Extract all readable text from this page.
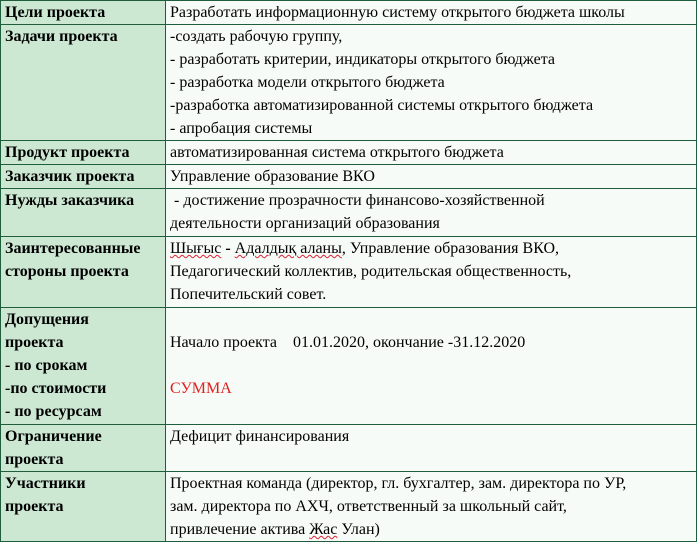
Цели проекта	Разработать информационную систему открытого бюджета школы
Задачи проекта	-создать рабочую группу,
- разработать критерии, индикаторы открытого бюджета
- разработка модели открытого бюджета
-разработка автоматизированной системы открытого бюджета
- апробация системы

Продукт проекта	автоматизированная система открытого бюджета
Заказчик проекта	Управление образование ВКО
Нужды заказчика	- достижение прозрачности финансово-хозяйственной
деятельности организаций образования

Заинтересованные
стороны проекта	Шығыс - Адалдық аланы, Управление образования ВКО,
Педагогический коллектив, родительская общественность,
Попечительский совет.

Допущения
проекта
- по срокам
-по стоимости
- по ресурсам	Начало проекта    01.01.2020, окончание -31.12.2020
СУММА

Ограничение
проекта	Дефицит финансирования

Участники
проекта	Проектная команда (директор, гл. бухгалтер, зам. директора по УР,
зам. директора по АХЧ, ответственный за школьный сайт,
привлечение актива Жас Улан)
